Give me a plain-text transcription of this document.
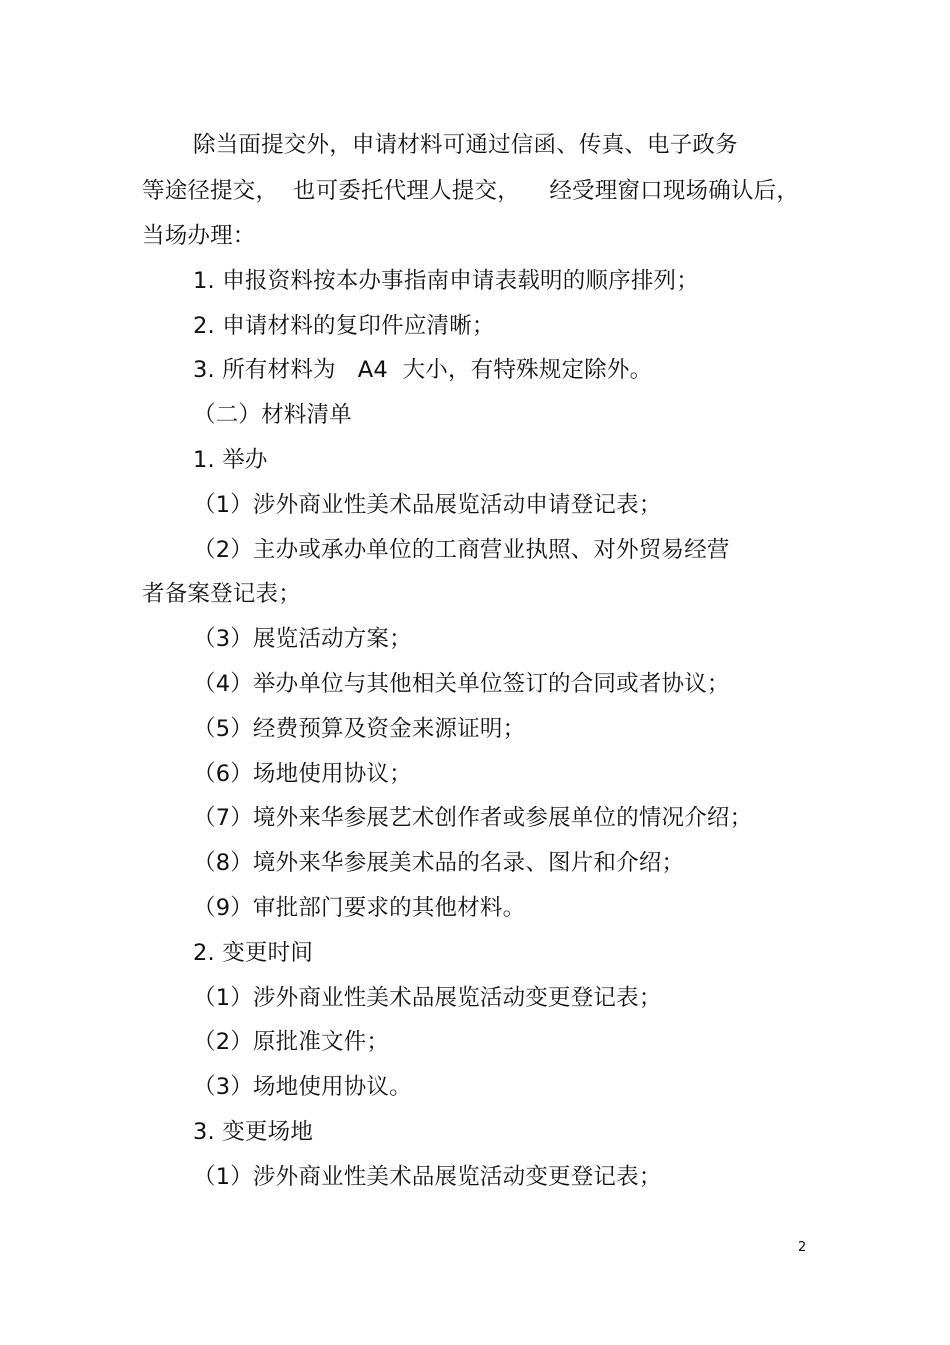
除当面提交外，申请材料可通过信函、传真、电子政务
等途径提交，  也可委托代理人提交，    经受理窗口现场确认后，
当场办理：
1. 申报资料按本办事指南申请表载明的顺序排列；
2. 申请材料的复印件应清晰；
3. 所有材料为   A4  大小，有特殊规定除外。
（二）材料清单
1. 举办
（1）涉外商业性美术品展览活动申请登记表；
（2）主办或承办单位的工商营业执照、对外贸易经营
者备案登记表；
（3）展览活动方案；
（4）举办单位与其他相关单位签订的合同或者协议；
（5）经费预算及资金来源证明；
（6）场地使用协议；
（7）境外来华参展艺术创作者或参展单位的情况介绍；
（8）境外来华参展美术品的名录、图片和介绍；
（9）审批部门要求的其他材料。
2. 变更时间
（1）涉外商业性美术品展览活动变更登记表；
（2）原批准文件；
（3）场地使用协议。
3. 变更场地
（1）涉外商业性美术品展览活动变更登记表；
2
